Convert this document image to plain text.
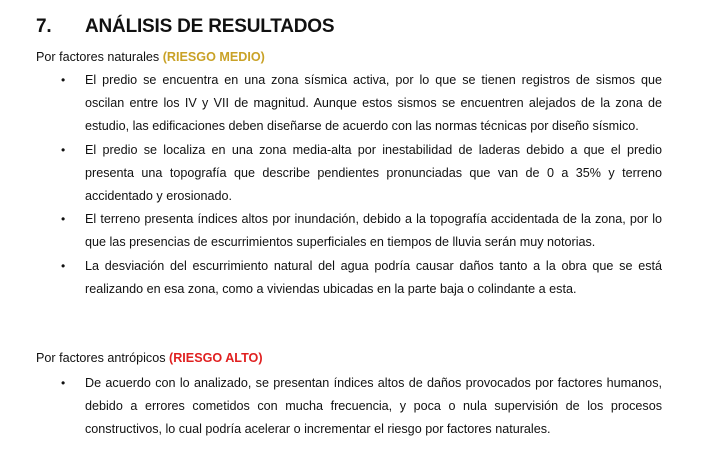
7. ANÁLISIS DE RESULTADOS
Por factores naturales (RIESGO MEDIO)
• El predio se encuentra en una zona sísmica activa, por lo que se tienen registros de sismos que oscilan entre los IV y VII de magnitud. Aunque estos sismos se encuentren alejados de la zona de estudio, las edificaciones deben diseñarse de acuerdo con las normas técnicas por diseño sísmico.
• El predio se localiza en una zona media-alta por inestabilidad de laderas debido a que el predio presenta una topografía que describe pendientes pronunciadas que van de 0 a 35% y terreno accidentado y erosionado.
• El terreno presenta índices altos por inundación, debido a la topografía accidentada de la zona, por lo que las presencias de escurrimientos superficiales en tiempos de lluvia serán muy notorias.
• La desviación del escurrimiento natural del agua podría causar daños tanto a la obra que se está realizando en esa zona, como a viviendas ubicadas en la parte baja o colindante a esta.
Por factores antrópicos (RIESGO ALTO)
• De acuerdo con lo analizado, se presentan índices altos de daños provocados por factores humanos, debido a errores cometidos con mucha frecuencia, y poca o nula supervisión de los procesos constructivos, lo cual podría acelerar o incrementar el riesgo por factores naturales.
